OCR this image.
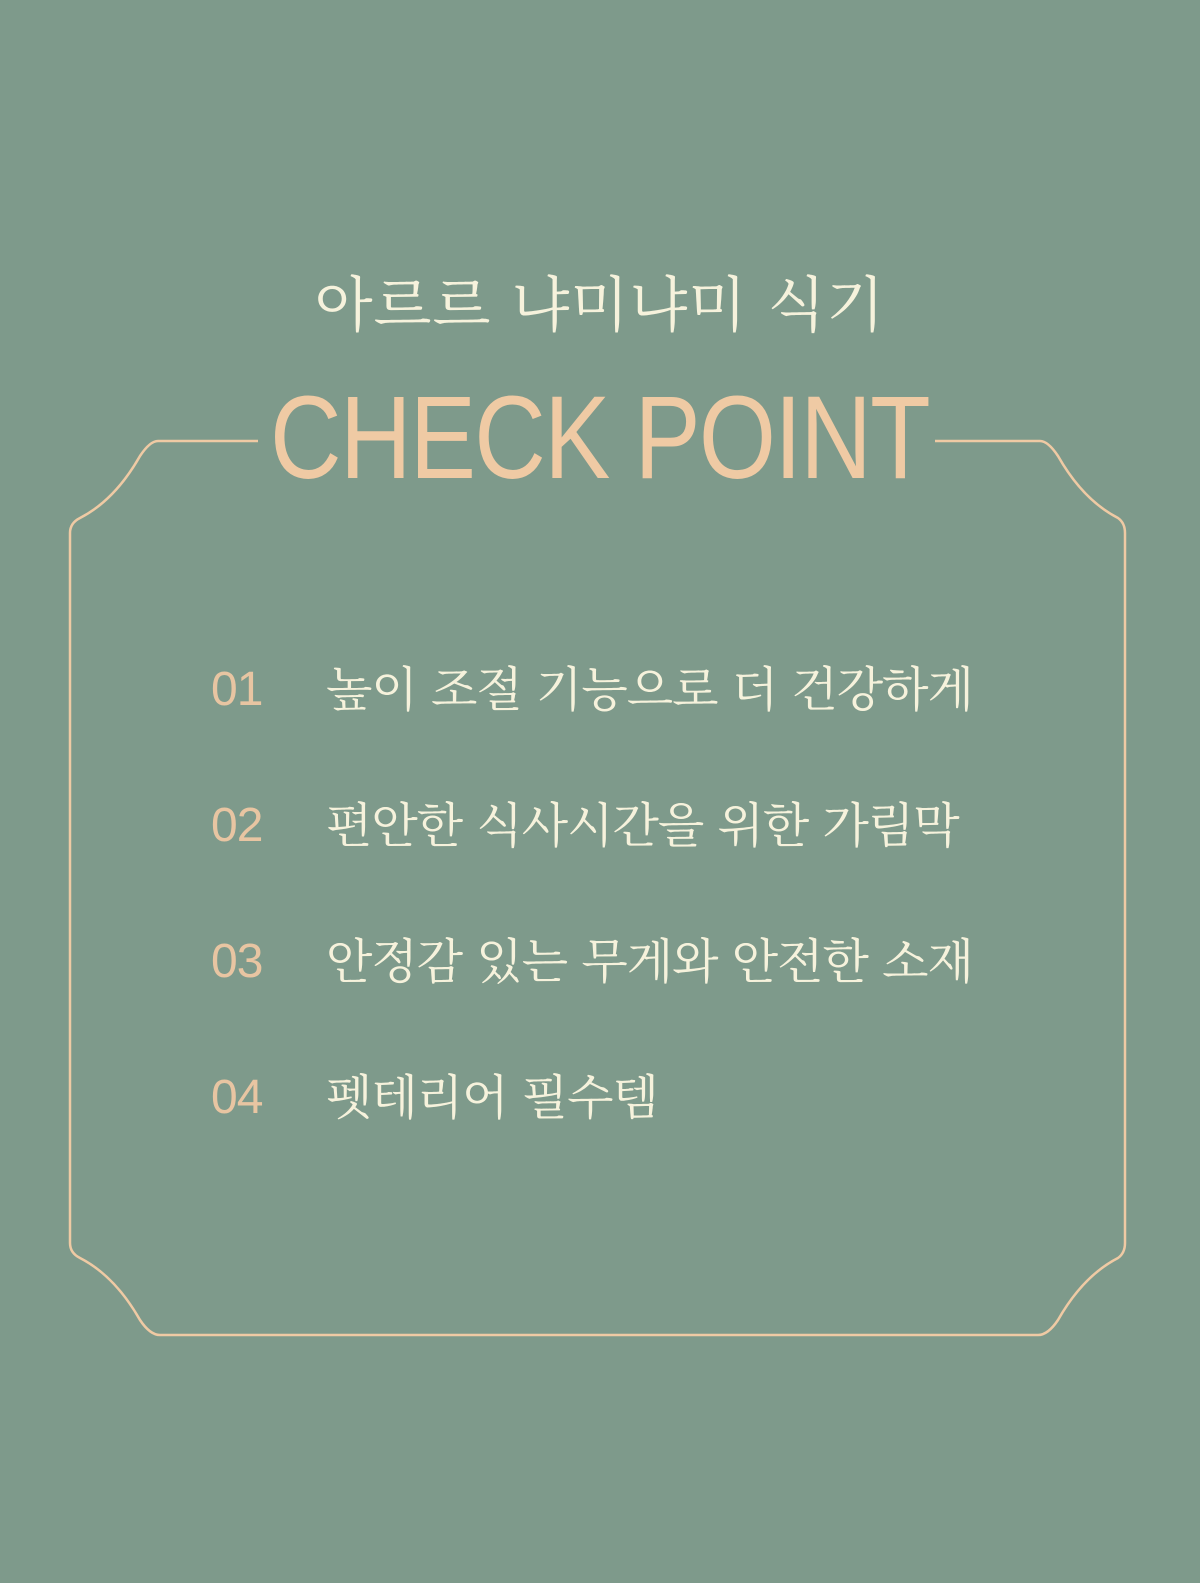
아르르 냐미냐미 식기
CHECK POINT
01 높이 조절 기능으로 더 건강하게
02 편안한 식사시간을 위한 가림막
03 안정감 있는 무게와 안전한 소재
04 펫테리어 필수템
